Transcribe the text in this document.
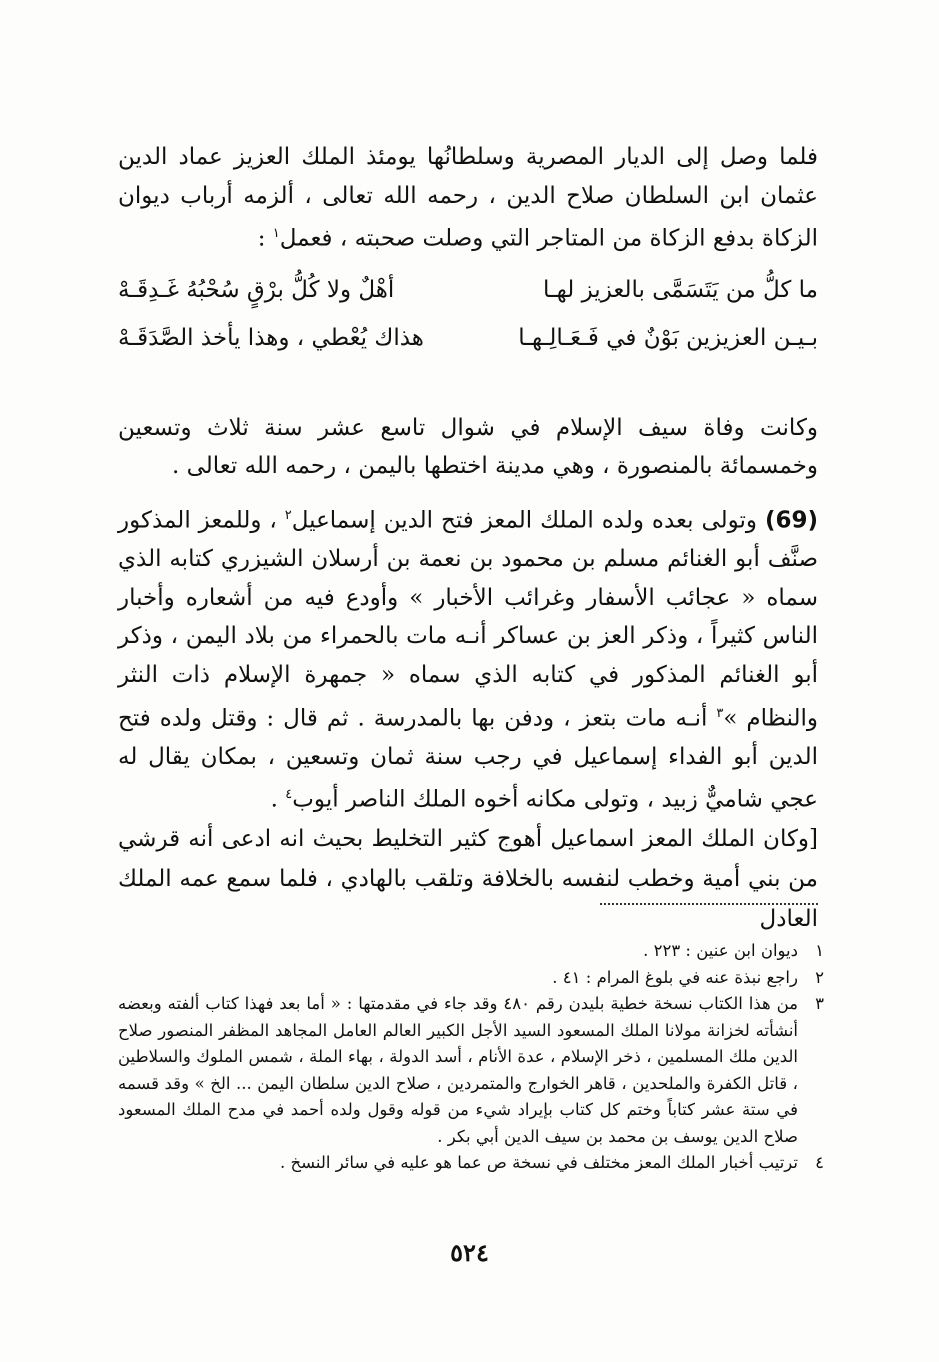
فلما وصل إلى الديار المصرية وسلطانُها يومئذ الملك العزيز عماد الدين عثمان ابن السلطان صلاح الدين ، رحمه الله تعالى ، ألزمه أرباب ديوان الزكاة بدفع الزكاة من المتاجر التي وصلت صحبته ، فعمل$^١$ :

ما كلُّ من يَتَسَمَّى بالعزيز لهـا
أهْلٌ ولا كُلُّ برْقٍ سُحْبُهُ غَـدِقَـهْ
بـيـن العزيزين بَوْنٌ في فَـعَـالِـهـا
هذاك يُعْطي ، وهذا يأخذ الصَّدَقَـهْ

وكانت وفاة سيف الإسلام في شوال تاسع عشر سنة ثلاث وتسعين وخمسمائة بالمنصورة ، وهي مدينة اختطها باليمن ، رحمه الله تعالى .

(69) وتولى بعده ولده الملك المعز فتح الدين إسماعيل$^٢$ ، وللمعز المذكور صنَّف أبو الغنائم مسلم بن محمود بن نعمة بن أرسلان الشيزري كتابه الذي سماه « عجائب الأسفار وغرائب الأخبار » وأودع فيه من أشعاره وأخبار الناس كثيراً ، وذكر العز بن عساكر أنـه مات بالحمراء من بلاد اليمن ، وذكر أبو الغنائم المذكور في كتابه الذي سماه « جمهرة الإسلام ذات النثر والنظام »$^٣$ أنـه مات بتعز ، ودفن بها بالمدرسة . ثم قال : وقتل ولده فتح الدين أبو الفداء إسماعيل في رجب سنة ثمان وتسعين ، بمكان يقال له عجي شاميٌّ زبيد ، وتولى مكانه أخوه الملك الناصر أيوب$^٤$ .

[وكان الملك المعز اسماعيل أهوج كثير التخليط بحيث انه ادعى أنه قرشي من بني أمية وخطب لنفسه بالخلافة وتلقب بالهادي ، فلما سمع عمه الملك العادل

١
ديوان ابن عنين : ٢٢٣ .
٢
راجع نبذة عنه في بلوغ المرام : ٤١ .
٣
من هذا الكتاب نسخة خطية بليدن رقم ٤٨٠ وقد جاء في مقدمتها : « أما بعد فهذا كتاب ألفته وبعضه أنشأته لخزانة مولانا الملك المسعود السيد الأجل الكبير العالم العامل المجاهد المظفر المنصور صلاح الدين ملك المسلمين ، ذخر الإسلام ، عدة الأنام ، أسد الدولة ، بهاء الملة ، شمس الملوك والسلاطين ، قاتل الكفرة والملحدين ، قاهر الخوارج والمتمردين ، صلاح الدين سلطان اليمن ... الخ » وقد قسمه في ستة عشر كتاباً وختم كل كتاب بإيراد شيء من قوله وقول ولده أحمد في مدح الملك المسعود صلاح الدين يوسف بن محمد بن سيف الدين أبي بكر .
٤
ترتيب أخبار الملك المعز مختلف في نسخة ص عما هو عليه في سائر النسخ .
٥٢٤
